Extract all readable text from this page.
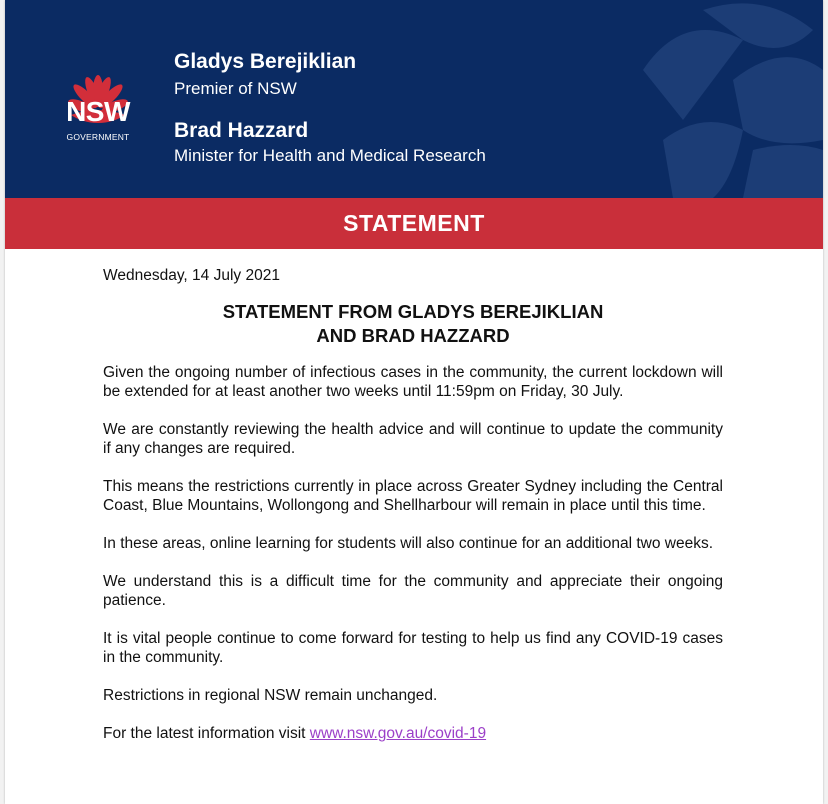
NSW
GOVERNMENT
Gladys Berejiklian
Premier of NSW
Brad Hazzard
Minister for Health and Medical Research
STATEMENT

Wednesday, 14 July 2021

STATEMENT FROM GLADYS BEREJIKLIAN
AND BRAD HAZZARD

Given the ongoing number of infectious cases in the community, the current lockdown will be extended for at least another two weeks until 11:59pm on Friday, 30 July.

We are constantly reviewing the health advice and will continue to update the community if any changes are required.

This means the restrictions currently in place across Greater Sydney including the Central Coast, Blue Mountains, Wollongong and Shellharbour will remain in place until this time.

In these areas, online learning for students will also continue for an additional two weeks.

We understand this is a difficult time for the community and appreciate their ongoing patience.

It is vital people continue to come forward for testing to help us find any COVID-19 cases in the community.

Restrictions in regional NSW remain unchanged.

For the latest information visit www.nsw.gov.au/covid-19
